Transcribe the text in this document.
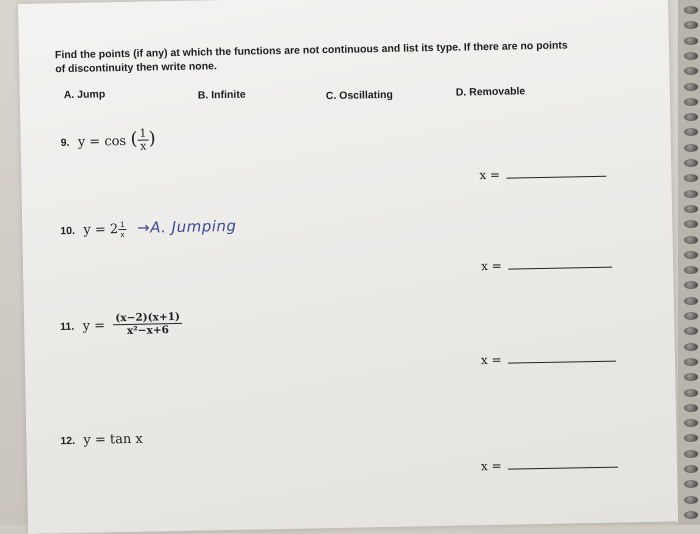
Find the points (if any) at which the functions are not continuous and list its type. If there are no points
of discontinuity then write none.
A. Jump	B. Infinite	C. Oscillating	D. Removable
9. y = cos ( $\frac{1}{x}$ )
x =
10. y = 2 $^{\frac{1}{x}}$ →A. Jumping
x =
11. $y = \frac{(x-2)(x+1)}{\text{x²−x+6}}$
x =
12. y = tan x
x =
